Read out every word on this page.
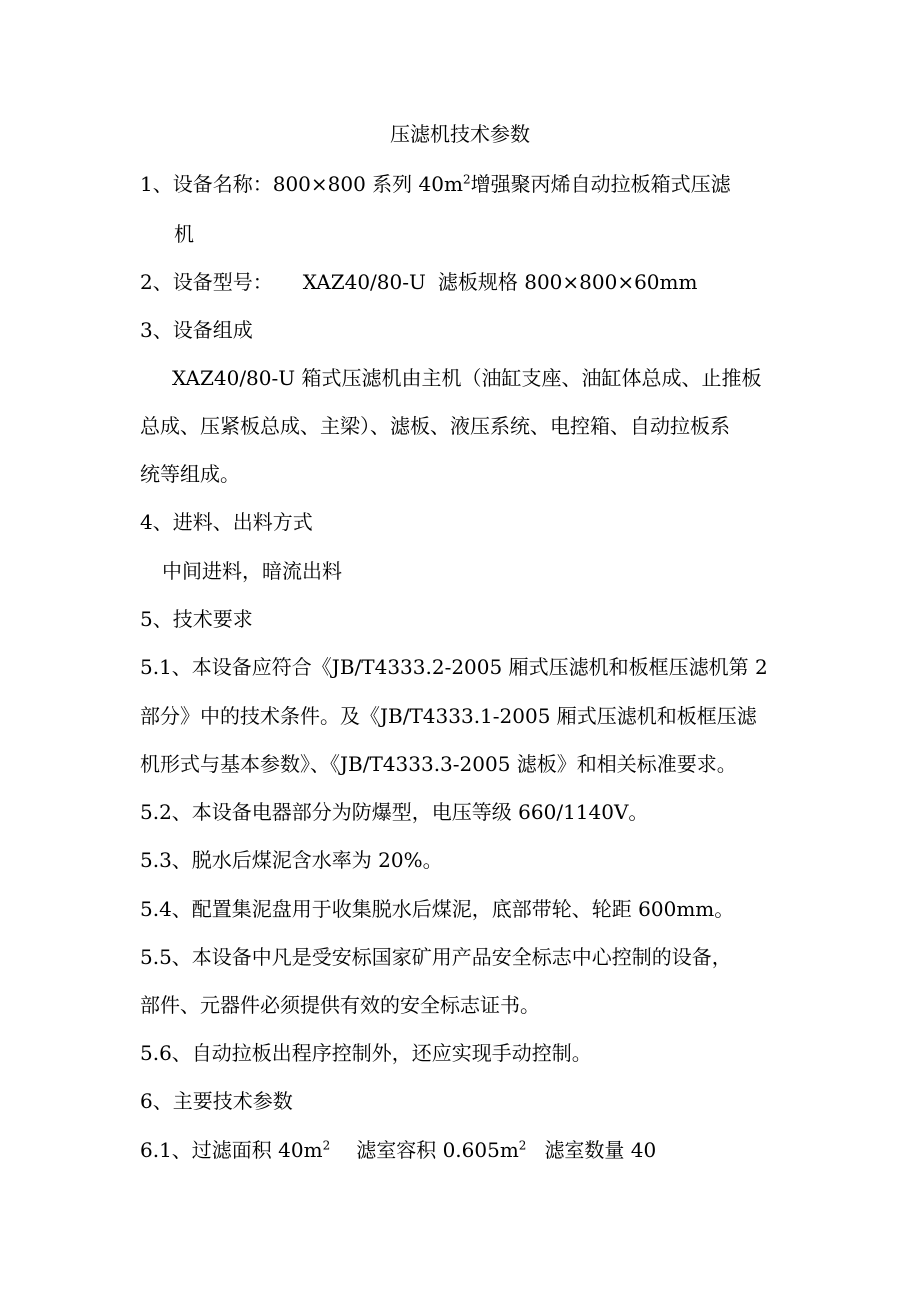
压滤机技术参数
1、设备名称：800×800 系列 $40m^2$增强聚丙烯自动拉板箱式压滤
机
2、设备型号： XAZ40/80-U 滤板规格 800×800×60mm
3、设备组成
XAZ40/80-U 箱式压滤机由主机（油缸支座、油缸体总成、止推板
总成、压紧板总成、主梁）、滤板、液压系统、电控箱、自动拉板系
统等组成。
4、进料、出料方式
中间进料，暗流出料
5、技术要求
5.1、本设备应符合《JB/T4333.2-2005 厢式压滤机和板框压滤机第 2
部分》中的技术条件。及《JB/T4333.1-2005 厢式压滤机和板框压滤
机形式与基本参数》、《JB/T4333.3-2005 滤板》和相关标准要求。
5.2、本设备电器部分为防爆型，电压等级 660/1140V。
5.3、脱水后煤泥含水率为 20%。
5.4、配置集泥盘用于收集脱水后煤泥，底部带轮、轮距 600mm。
5.5、本设备中凡是受安标国家矿用产品安全标志中心控制的设备，
部件、元器件必须提供有效的安全标志证书。
5.6、自动拉板出程序控制外，还应实现手动控制。
6、主要技术参数
6.1、过滤面积 $40m^2$ 滤室容积 $0.605m^2$ 滤室数量 40
